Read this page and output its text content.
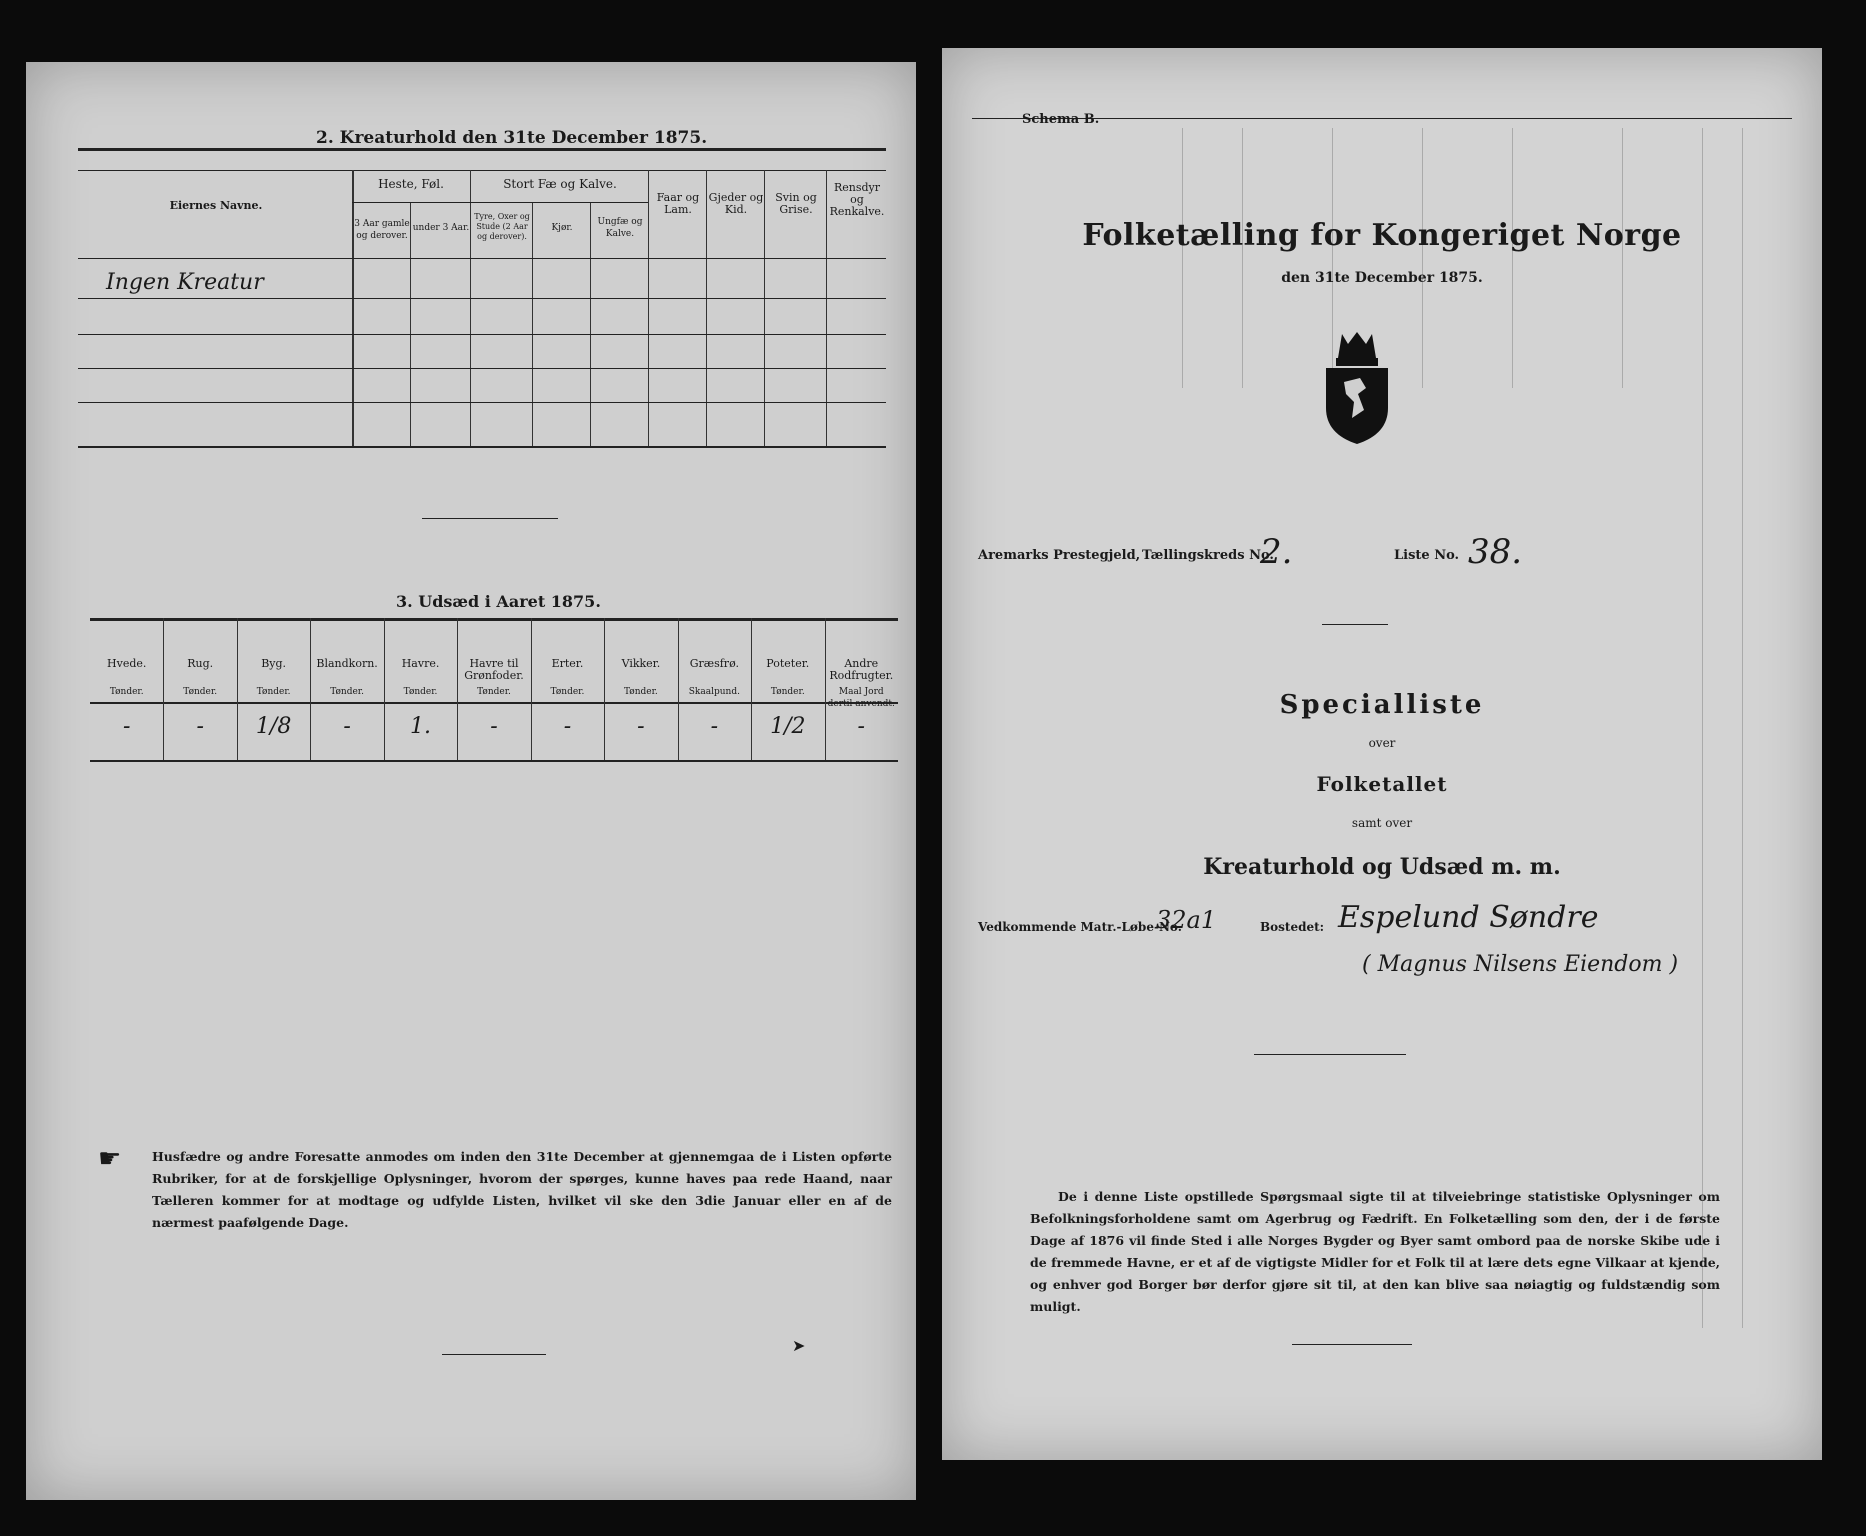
2. Kreaturhold den 31te December 1875.
Eiernes Navne.
Heste, Føl.
3 Aar gamle og derover.
under 3 Aar.
Stort Fæ og Kalve.
Tyre, Oxer og Stude (2 Aar og derover).
Kjør.
Ungfæ og Kalve.
Faar og Lam.
Gjeder og Kid.
Svin og Grise.
Rensdyr og Renkalve.
Ingen Kreatur
3. Udsæd i Aaret 1875.
☛ Husfædre og andre Foresatte anmodes om inden den 31te December at gjennemgaa de i Listen opførte Rubriker, for at de forskjellige Oplysninger, hvorom der spørges, kunne haves paa rede Haand, naar Tælleren kommer for at modtage og udfylde Listen, hvilket vil ske den 3die Januar eller en af de nærmest paafølgende Dage.
➤
Hvede.
Tønder.
-
Rug.
Tønder.
-
Byg.
Tønder.
1/8
Blandkorn.
Tønder.
-
Havre.
Tønder.
1.
Havre til Grønfoder.
Tønder.
-
Erter.
Tønder.
-
Vikker.
Tønder.
-
Græsfrø.
Skaalpund.
-
Poteter.
Tønder.
1/2
Andre Rodfrugter.
Maal Jord dertil anvendt.
-
Schema B.
Folketælling for Kongeriget Norge
den 31te December 1875.
Aremarks Prestegjeld, Tællingskreds No.
2.	Liste No. 38.
Specialliste
over
Folketallet
samt over
Kreaturhold og Udsæd m. m.
Vedkommende Matr.-Løbe-No.
32a1	Bostedet: Espelund Søndre
( Magnus Nilsens Eiendom )
De i denne Liste opstillede Spørgsmaal sigte til at tilveiebringe statistiske Oplysninger om Befolkningsforholdene samt om Agerbrug og Fædrift. En Folketælling som den, der i de første Dage af 1876 vil finde Sted i alle Norges Bygder og Byer samt ombord paa de norske Skibe ude i de fremmede Havne, er et af de vigtigste Midler for et Folk til at lære dets egne Vilkaar at kjende, og enhver god Borger bør derfor gjøre sit til, at den kan blive saa nøiagtig og fuldstændig som muligt.
